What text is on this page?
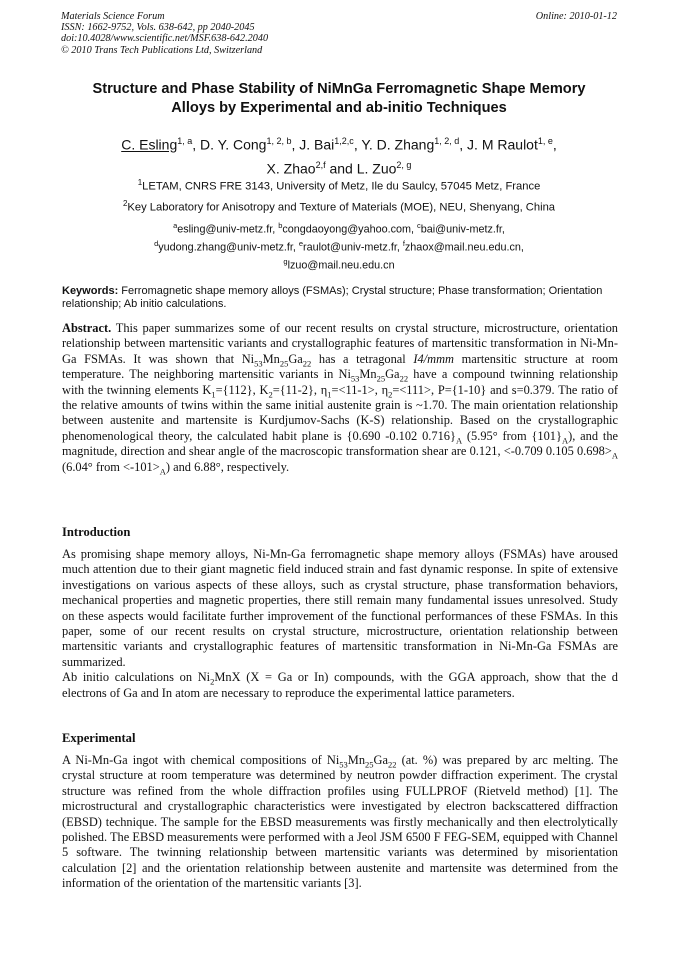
Materials Science Forum
ISSN: 1662-9752, Vols. 638-642, pp 2040-2045
doi:10.4028/www.scientific.net/MSF.638-642.2040
© 2010 Trans Tech Publications Ltd, Switzerland
Online: 2010-01-12
Structure and Phase Stability of NiMnGa Ferromagnetic Shape Memory
Alloys by Experimental and ab-initio Techniques
C. Esling$^{1, a}$, D. Y. Cong$^{1, 2, b}$, J. Bai$^{1,2,c}$, Y. D. Zhang$^{1, 2, d}$, J. M Raulot$^{1, e}$,
X. Zhao$^{2,f}$ and L. Zuo$^{2, g}$
$^1$LETAM, CNRS FRE 3143, University of Metz, Ile du Saulcy, 57045 Metz, France
$^2$Key Laboratory for Anisotropy and Texture of Materials (MOE), NEU, Shenyang, China
$^a$esling@univ-metz.fr, $^b$congdaoyong@yahoo.com, $^c$bai@univ-metz.fr,
$^d$yudong.zhang@univ-metz.fr, $^e$raulot@univ-metz.fr, $^f$zhaox@mail.neu.edu.cn,
$^g$lzuo@mail.neu.edu.cn
Keywords: Ferromagnetic shape memory alloys (FSMAs); Crystal structure; Phase transformation; Orientation relationship; Ab initio calculations.
Abstract. This paper summarizes some of our recent results on crystal structure, microstructure, orientation relationship between martensitic variants and crystallographic features of martensitic transformation in Ni-Mn-Ga FSMAs. It was shown that $Ni_{53}Mn_{25}Ga_{22}$ has a tetragonal I4/mmm martensitic structure at room temperature. The neighboring martensitic variants in $Ni_{53}Mn_{25}Ga_{22}$ have a compound twinning relationship with the twinning elements $K_1=\{112\}$, $K_2=\{11-2\}$, $\eta_1=<11-1>$, $\eta_2=<111>$, P={1-10} and s=0.379. The ratio of the relative amounts of twins within the same initial austenite grain is ~1.70. The main orientation relationship between austenite and martensite is Kurdjumov-Sachs (K-S) relationship. Based on the crystallographic phenomenological theory, the calculated habit plane is {0.690 -0.102 $0.716\}_A$ (5.95° from $\{101\}_A$), and the magnitude, direction and shear angle of the macroscopic transformation shear are 0.121, <-0.709 0.105 $0.698>_A$ (6.04° from $<-101>_A$) and 6.88°, respectively.
Introduction
As promising shape memory alloys, Ni-Mn-Ga ferromagnetic shape memory alloys (FSMAs) have aroused much attention due to their giant magnetic field induced strain and fast dynamic response. In spite of extensive investigations on various aspects of these alloys, such as crystal structure, phase transformation behaviors, mechanical properties and magnetic properties, there still remain many fundamental issues unresolved. Study on these aspects would facilitate further improvement of the functional performances of these FSMAs. In this paper, some of our recent results on crystal structure, microstructure, orientation relationship between martensitic variants and crystallographic features of martensitic transformation in Ni-Mn-Ga FSMAs are summarized.
Ab initio calculations on $Ni_2MnX$ (X = Ga or In) compounds, with the GGA approach, show that the d electrons of Ga and In atom are necessary to reproduce the experimental lattice parameters.
Experimental
A Ni-Mn-Ga ingot with chemical compositions of $Ni_{53}Mn_{25}Ga_{22}$ (at. %) was prepared by arc melting. The crystal structure at room temperature was determined by neutron powder diffraction experiment. The crystal structure was refined from the whole diffraction profiles using FULLPROF (Rietveld method) [1]. The microstructural and crystallographic characteristics were investigated by electron backscattered diffraction (EBSD) technique. The sample for the EBSD measurements was firstly mechanically and then electrolytically polished. The EBSD measurements were performed with a Jeol JSM 6500 F FEG-SEM, equipped with Channel 5 software. The twinning relationship between martensitic variants was determined by misorientation calculation [2] and the orientation relationship between austenite and martensite was determined from the information of the orientation of the martensitic variants [3].
